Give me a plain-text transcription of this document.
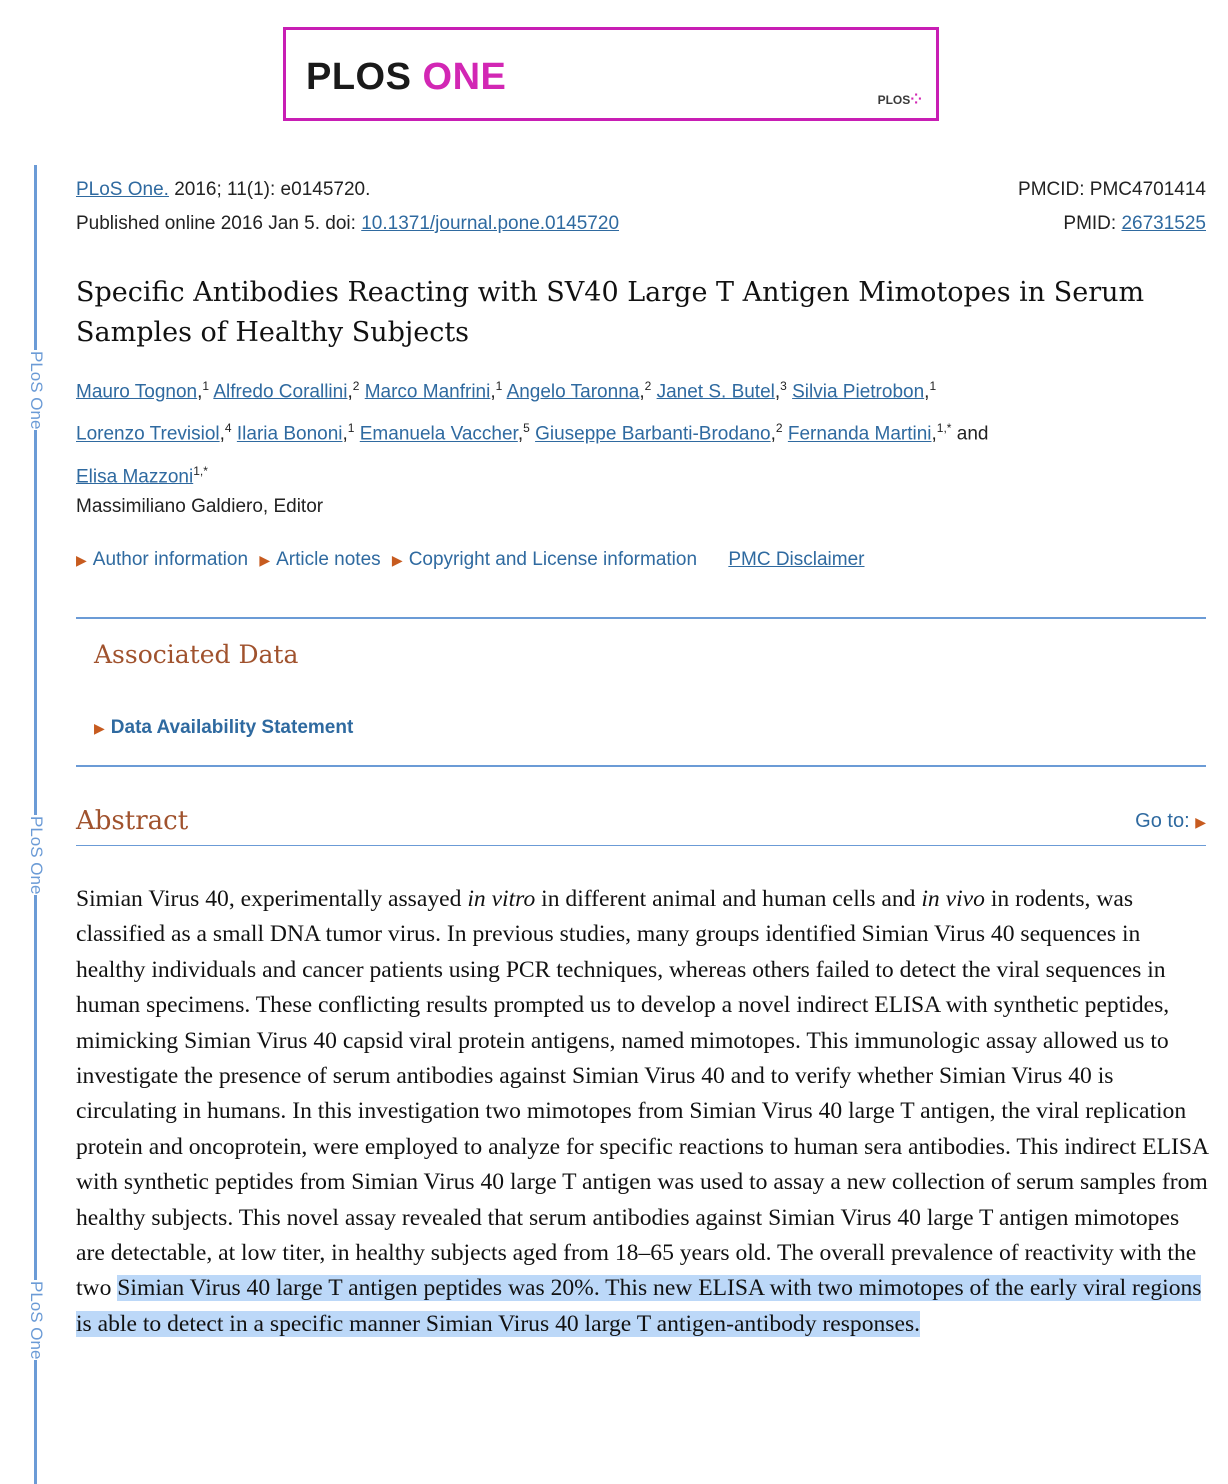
PLOS ONE
PLOS⁘
PLoS One
PLoS One
PLoS One
PLoS One. 2016; 11(1): e0145720.
Published online 2016 Jan 5. doi: 10.1371/journal.pone.0145720
PMCID: PMC4701414
PMID: 26731525
Specific Antibodies Reacting with SV40 Large T Antigen Mimotopes in Serum Samples of Healthy Subjects
Mauro Tognon,$^1$ Alfredo Corallini,$^2$ Marco Manfrini,$^1$ Angelo Taronna,$^2$ Janet S. Butel,$^3$ Silvia Pietrobon,$^1$
Lorenzo Trevisiol,$^4$ Ilaria Bononi,$^1$ Emanuela Vaccher,$^5$ Giuseppe Barbanti-Brodano,$^2$ Fernanda Martini,$^{1,*}$ and
Elisa Mazzoni$^{1,*}$
Massimiliano Galdiero, Editor
▶ Author information ▶ Article notes ▶ Copyright and License information PMC Disclaimer
Associated Data
▶ Data Availability Statement
Abstract	Go to: ▶
Simian Virus 40, experimentally assayed in vitro in different animal and human cells and in vivo in rodents, was classified as a small DNA tumor virus. In previous studies, many groups identified Simian Virus 40 sequences in healthy individuals and cancer patients using PCR techniques, whereas others failed to detect the viral sequences in human specimens. These conflicting results prompted us to develop a novel indirect ELISA with synthetic peptides, mimicking Simian Virus 40 capsid viral protein antigens, named mimotopes. This immunologic assay allowed us to investigate the presence of serum antibodies against Simian Virus 40 and to verify whether Simian Virus 40 is circulating in humans. In this investigation two mimotopes from Simian Virus 40 large T antigen, the viral replication protein and oncoprotein, were employed to analyze for specific reactions to human sera antibodies. This indirect ELISA with synthetic peptides from Simian Virus 40 large T antigen was used to assay a new collection of serum samples from healthy subjects. This novel assay revealed that serum antibodies against Simian Virus 40 large T antigen mimotopes are detectable, at low titer, in healthy subjects aged from 18–65 years old. The overall prevalence of reactivity with the two Simian Virus 40 large T antigen peptides was 20%. This new ELISA with two mimotopes of the early viral regions is able to detect in a specific manner Simian Virus 40 large T antigen-antibody responses.
